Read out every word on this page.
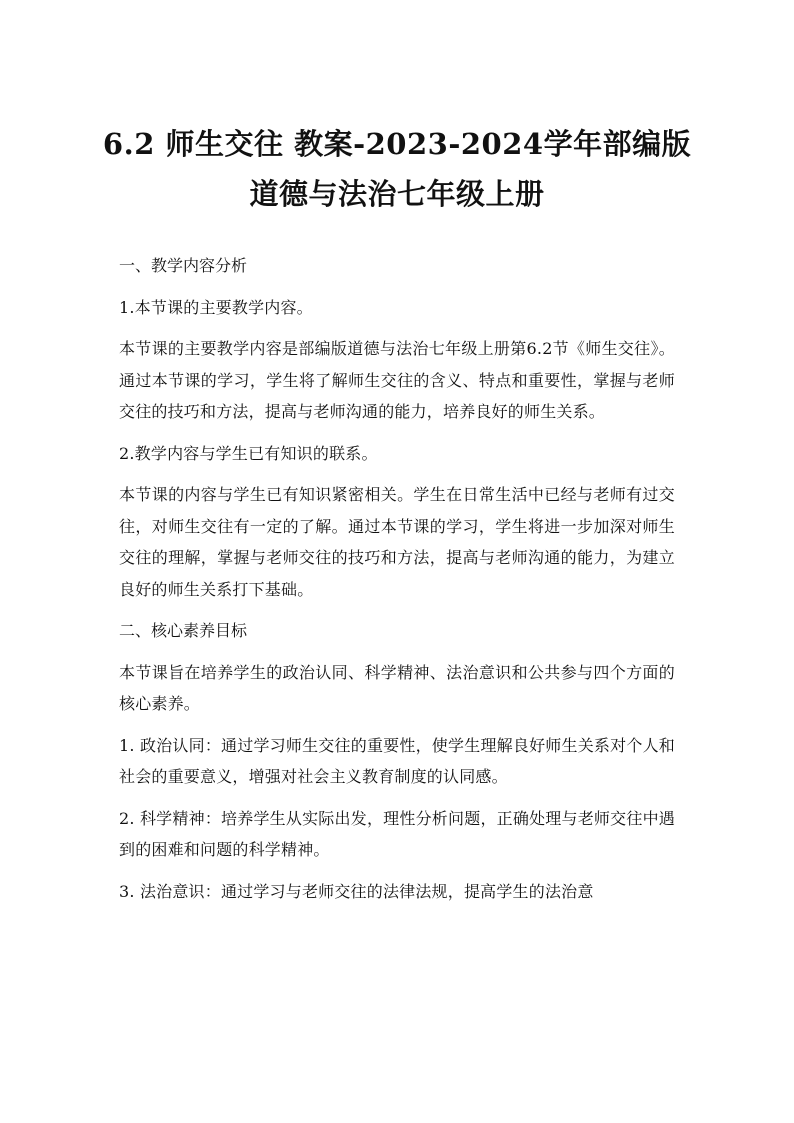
6.2 师生交往 教案-2023-2024学年部编版
道德与法治七年级上册

一、教学内容分析

1.本节课的主要教学内容。

本节课的主要教学内容是部编版道德与法治七年级上册第6.2节《师生交往》。通过本节课的学习，学生将了解师生交往的含义、特点和重要性，掌握与老师交往的技巧和方法，提高与老师沟通的能力，培养良好的师生关系。

2.教学内容与学生已有知识的联系。

本节课的内容与学生已有知识紧密相关。学生在日常生活中已经与老师有过交往，对师生交往有一定的了解。通过本节课的学习，学生将进一步加深对师生交往的理解，掌握与老师交往的技巧和方法，提高与老师沟通的能力，为建立良好的师生关系打下基础。

二、核心素养目标

本节课旨在培养学生的政治认同、科学精神、法治意识和公共参与四个方面的核心素养。

1. 政治认同：通过学习师生交往的重要性，使学生理解良好师生关系对个人和社会的重要意义，增强对社会主义教育制度的认同感。

2. 科学精神：培养学生从实际出发，理性分析问题，正确处理与老师交往中遇到的困难和问题的科学精神。

3. 法治意识：通过学习与老师交往的法律法规，提高学生的法治意
